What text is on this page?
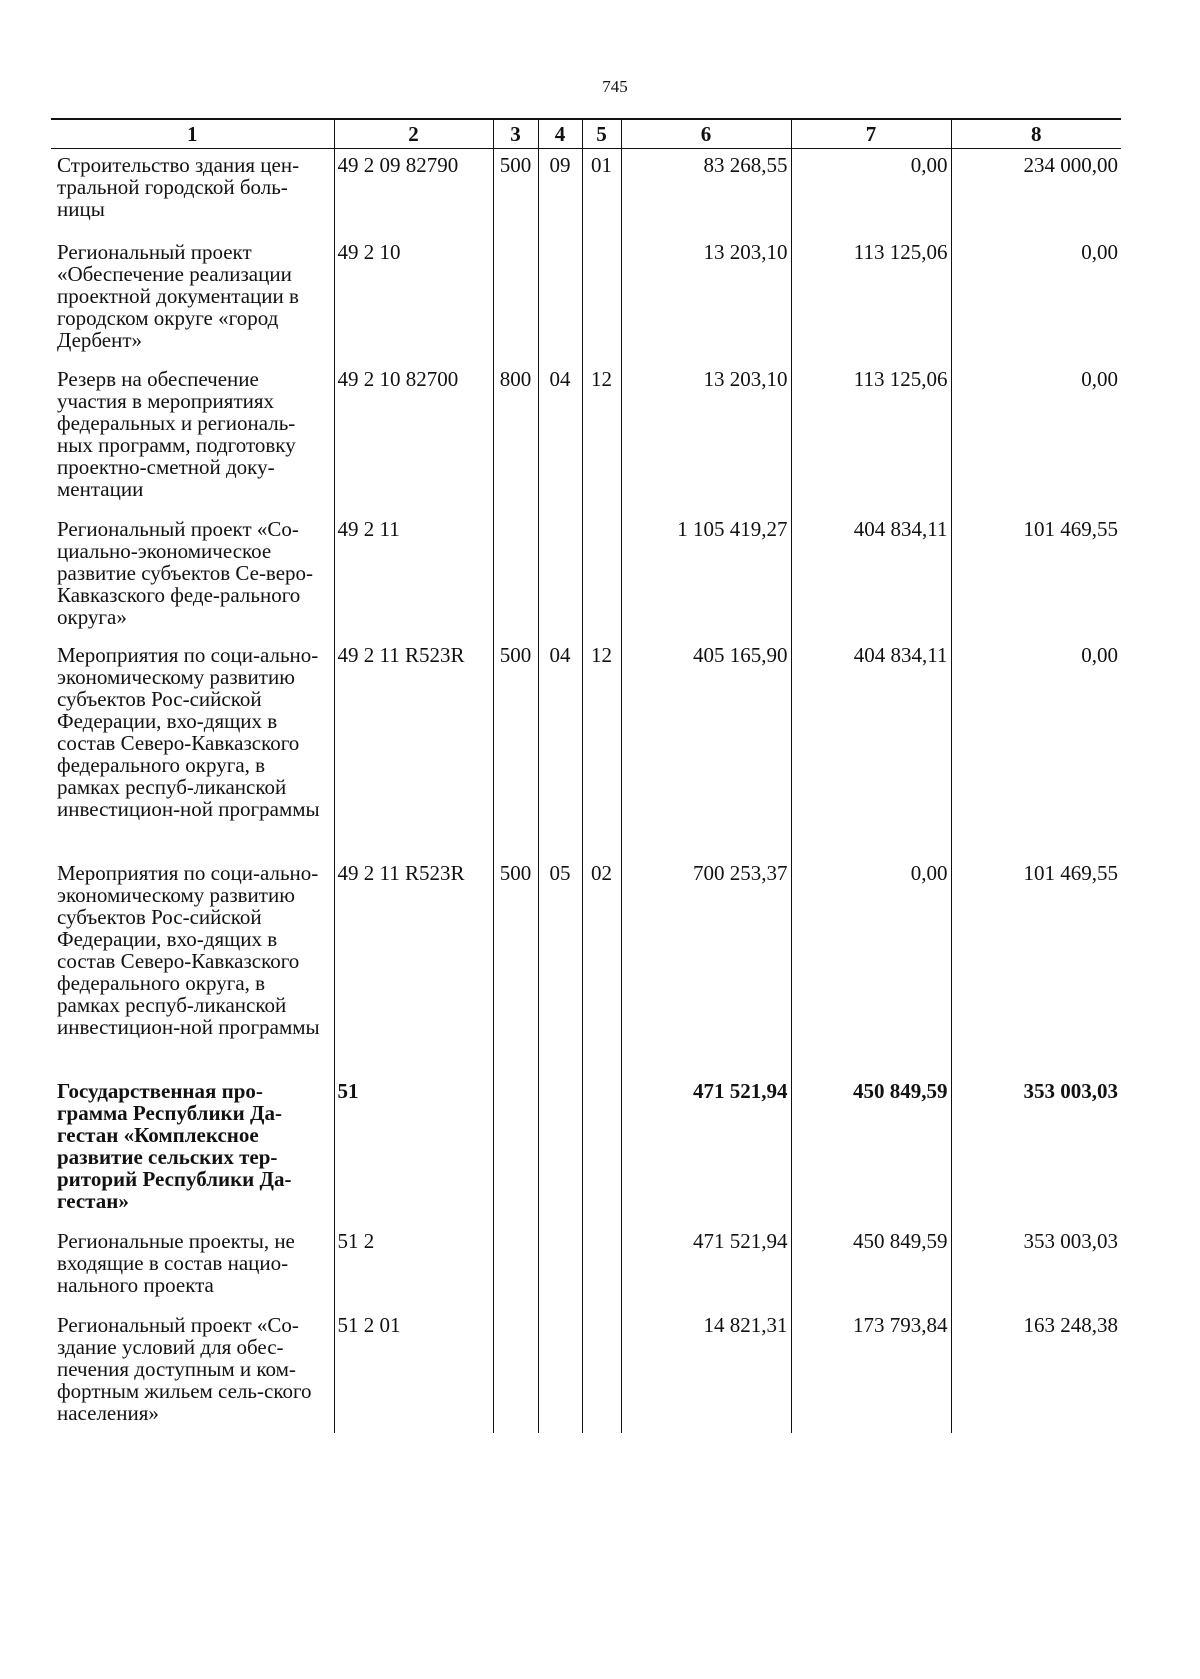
745
1	2	3	4	5	6	7	8
Строительство здания цен-тральной городской боль-ницы	49 2 09 82790	500	09	01	83 268,55	0,00	234 000,00
Региональный проект «Обеспечение реализации проектной документации в городском округе «город Дербент»	49 2 10				13 203,10	113 125,06	0,00
Резерв на обеспечение участия в мероприятиях федеральных и региональ-ных программ, подготовку проектно-сметной доку-ментации	49 2 10 82700	800	04	12	13 203,10	113 125,06	0,00
Региональный проект «Со-циально-экономическое развитие субъектов Се-веро-Кавказского феде-рального округа»	49 2 11				1 105 419,27	404 834,11	101 469,55
Мероприятия по соци-ально-экономическому развитию субъектов Рос-сийской Федерации, вхо-дящих в состав Северо-Кавказского федерального округа, в рамках респуб-ликанской инвестицион-ной программы	49 2 11 R523R	500	04	12	405 165,90	404 834,11	0,00
Мероприятия по соци-ально-экономическому развитию субъектов Рос-сийской Федерации, вхо-дящих в состав Северо-Кавказского федерального округа, в рамках респуб-ликанской инвестицион-ной программы	49 2 11 R523R	500	05	02	700 253,37	0,00	101 469,55
Государственная про-грамма Республики Да-гестан «Комплексное развитие сельских тер-риторий Республики Да-гестан»	51				471 521,94	450 849,59	353 003,03
Региональные проекты, не входящие в состав нацио-нального проекта	51 2				471 521,94	450 849,59	353 003,03
Региональный проект «Со-здание условий для обес-печения доступным и ком-фортным жильем сель-ского населения»	51 2 01				14 821,31	173 793,84	163 248,38
